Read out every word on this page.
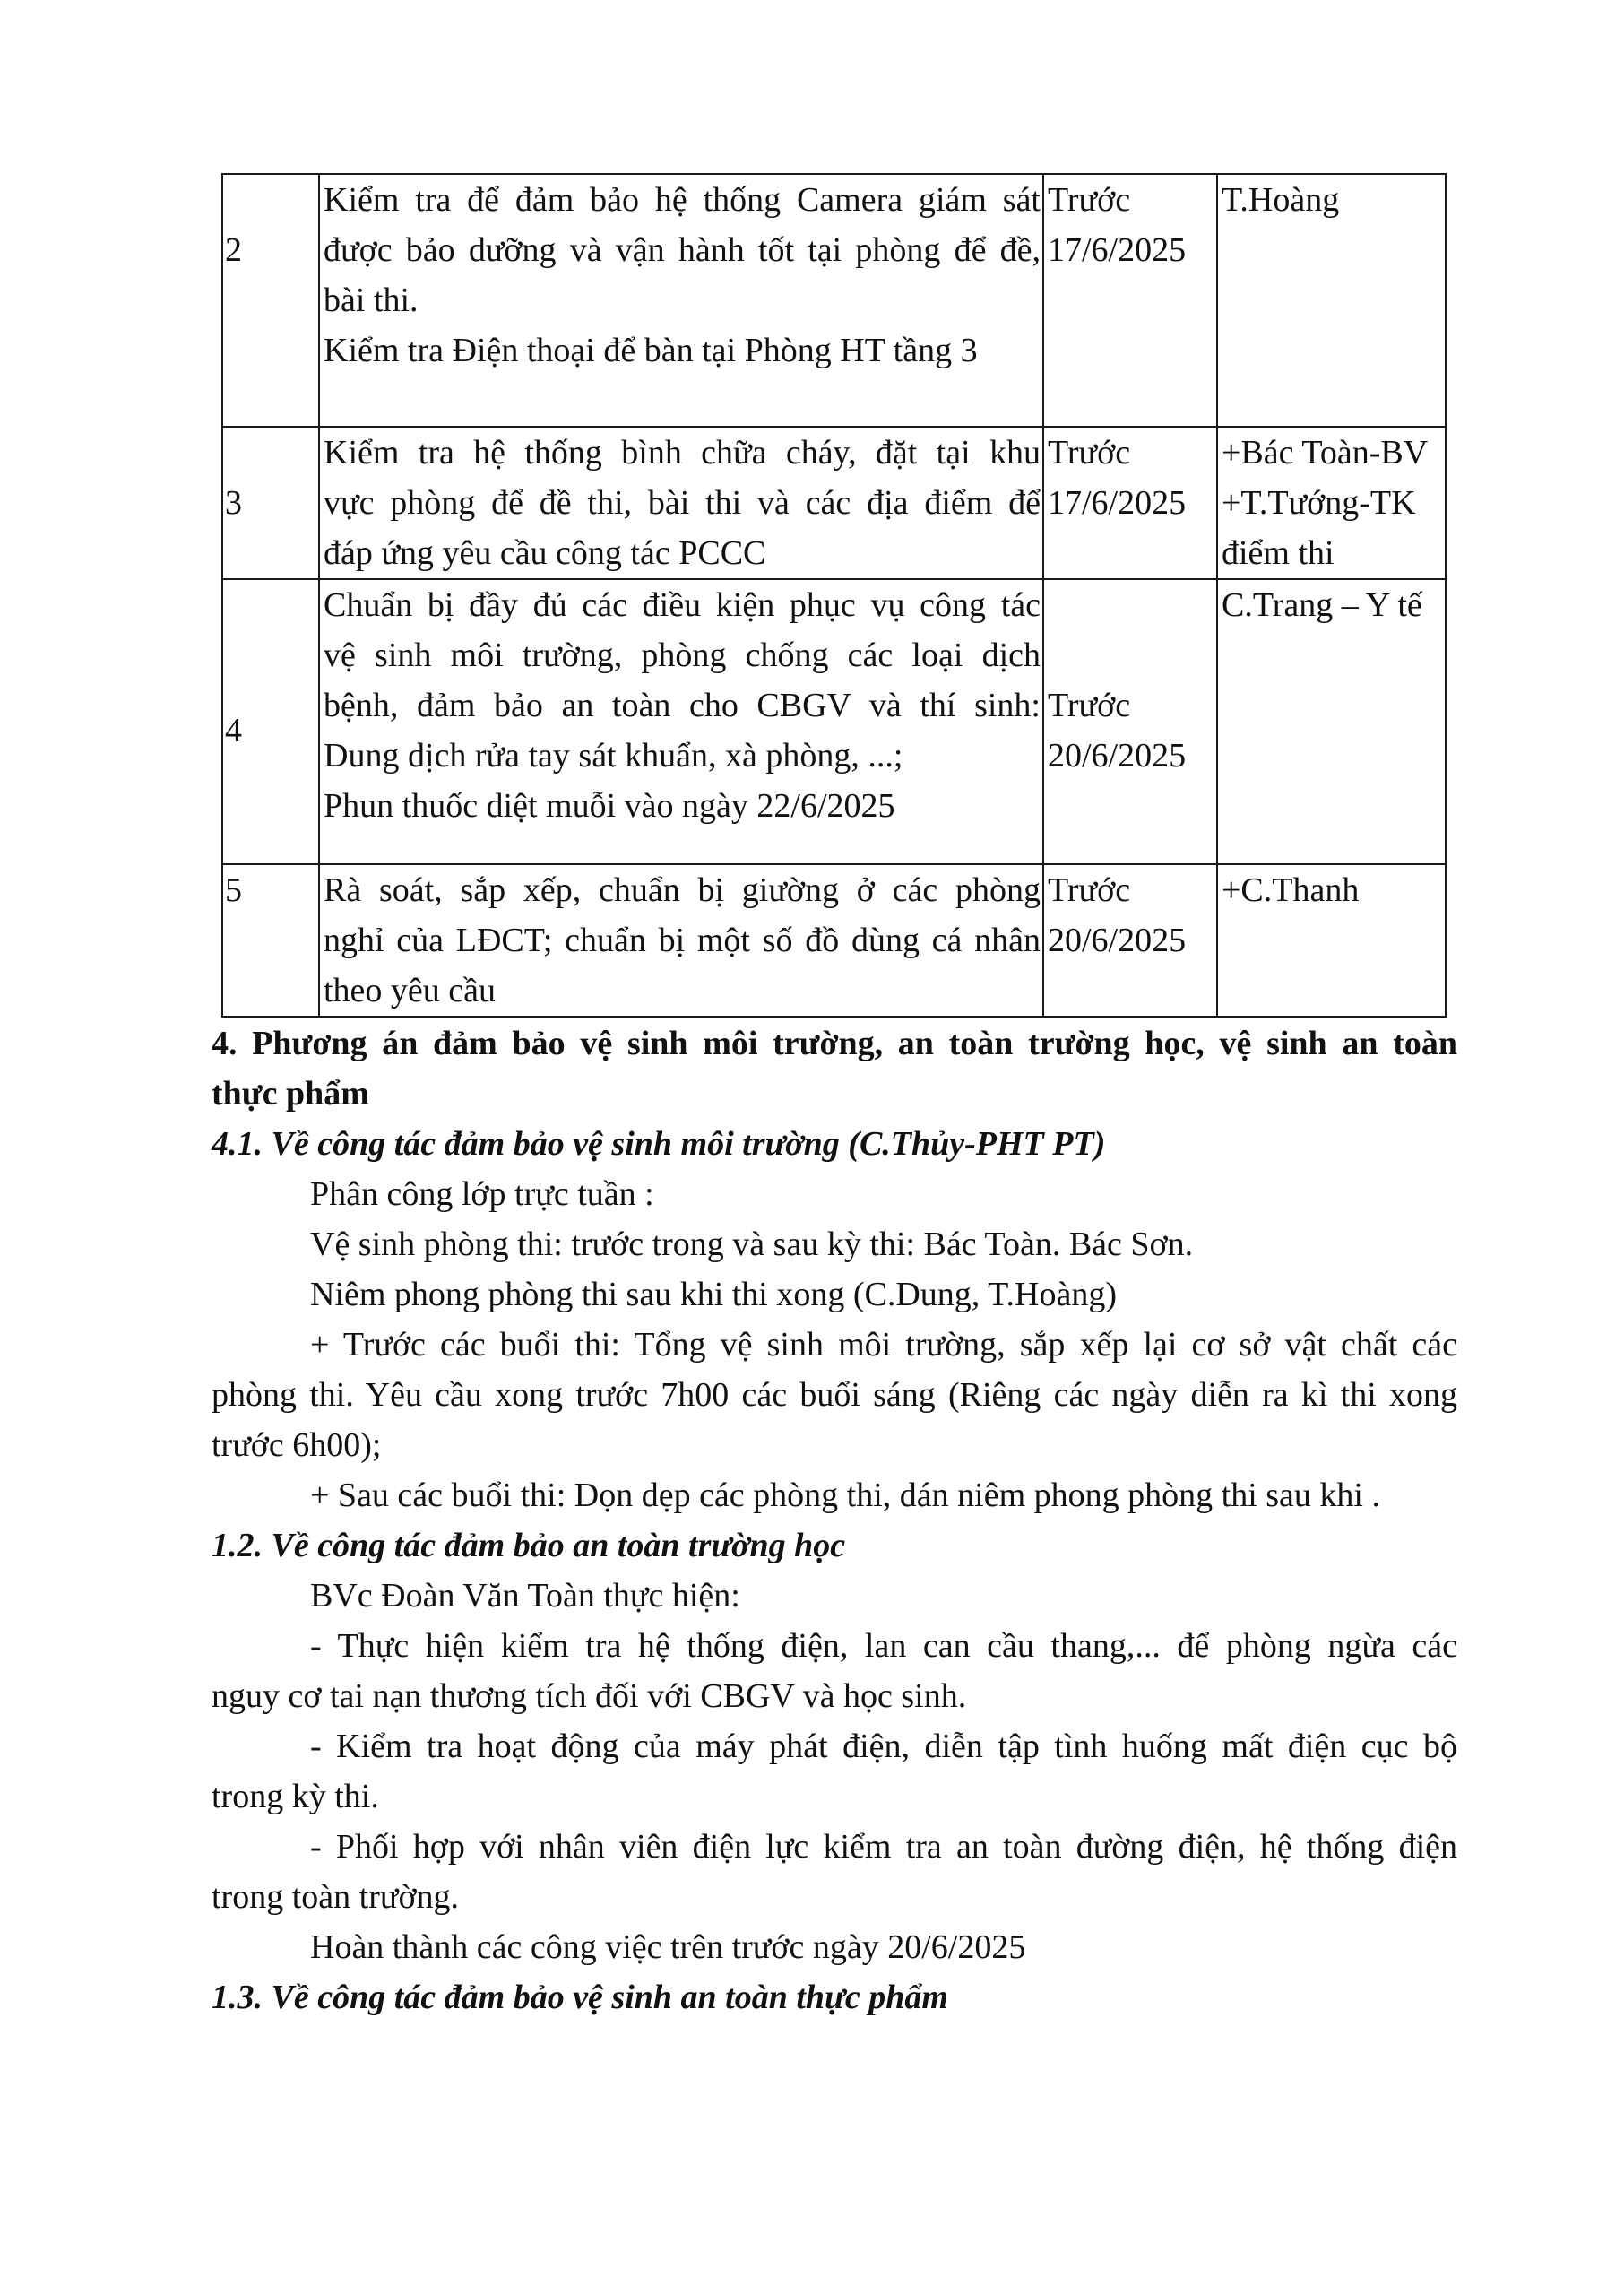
2	Kiểm tra để đảm bảo hệ thống Camera giám sát
được bảo dưỡng và vận hành tốt tại phòng để đề,
bài thi.
Kiểm tra Điện thoại để bàn tại Phòng HT tầng 3	Trước
17/6/2025	T.Hoàng

3	Kiểm tra hệ thống bình chữa cháy, đặt tại khu
vực phòng để đề thi, bài thi và các địa điểm để
đáp ứng yêu cầu công tác PCCC	Trước
17/6/2025	+Bác Toàn-BV
+T.Tướng-TK
điểm thi

4	Chuẩn bị đầy đủ các điều kiện phục vụ công tác
vệ sinh môi trường, phòng chống các loại dịch
bệnh, đảm bảo an toàn cho CBGV và thí sinh:
Dung dịch rửa tay sát khuẩn, xà phòng, ...;
Phun thuốc diệt muỗi vào ngày 22/6/2025	Trước
20/6/2025	C.Trang – Y tế

5	Rà soát, sắp xếp, chuẩn bị giường ở các phòng
nghỉ của LĐCT; chuẩn bị một số đồ dùng cá nhân
theo yêu cầu	Trước
20/6/2025	+C.Thanh
4. Phương án đảm bảo vệ sinh môi trường, an toàn trường học, vệ sinh an toàn
thực phẩm
4.1. Về công tác đảm bảo vệ sinh môi trường (C.Thủy-PHT PT)
Phân công lớp trực tuần :
Vệ sinh phòng thi: trước trong và sau kỳ thi: Bác Toàn. Bác Sơn.
Niêm phong phòng thi sau khi thi xong (C.Dung, T.Hoàng)
+ Trước các buổi thi: Tổng vệ sinh môi trường, sắp xếp lại cơ sở vật chất các
phòng thi. Yêu cầu xong trước 7h00 các buổi sáng (Riêng các ngày diễn ra kì thi xong
trước 6h00);
+ Sau các buổi thi: Dọn dẹp các phòng thi, dán niêm phong phòng thi sau khi .
1.2. Về công tác đảm bảo an toàn trường học
BVc Đoàn Văn Toàn thực hiện:
- Thực hiện kiểm tra hệ thống điện, lan can cầu thang,... để phòng ngừa các
nguy cơ tai nạn thương tích đối với CBGV và học sinh.
- Kiểm tra hoạt động của máy phát điện, diễn tập tình huống mất điện cục bộ
trong kỳ thi.
- Phối hợp với nhân viên điện lực kiểm tra an toàn đường điện, hệ thống điện
trong toàn trường.
Hoàn thành các công việc trên trước ngày 20/6/2025
1.3. Về công tác đảm bảo vệ sinh an toàn thực phẩm
